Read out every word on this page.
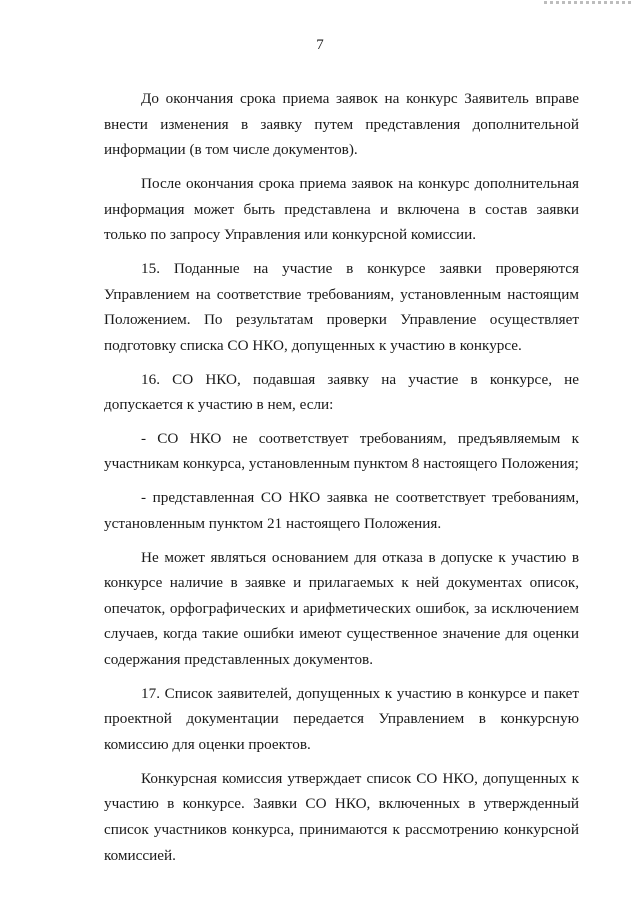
7

До окончания срока приема заявок на конкурс Заявитель вправе внести изменения в заявку путем представления дополнительной информации (в том числе документов).

После окончания срока приема заявок на конкурс дополнительная информация может быть представлена и включена в состав заявки только по запросу Управления или конкурсной комиссии.

15. Поданные на участие в конкурсе заявки проверяются Управлением на соответствие требованиям, установленным настоящим Положением. По результатам проверки Управление осуществляет подготовку списка СО НКО, допущенных к участию в конкурсе.

16. СО НКО, подавшая заявку на участие в конкурсе, не допускается к участию в нем, если:

- СО НКО не соответствует требованиям, предъявляемым к участникам конкурса, установленным пунктом 8 настоящего Положения;

- представленная СО НКО заявка не соответствует требованиям, установленным пунктом 21 настоящего Положения.

Не может являться основанием для отказа в допуске к участию в конкурсе наличие в заявке и прилагаемых к ней документах описок, опечаток, орфографических и арифметических ошибок, за исключением случаев, когда такие ошибки имеют существенное значение для оценки содержания представленных документов.

17. Список заявителей, допущенных к участию в конкурсе и пакет проектной документации передается Управлением в конкурсную комиссию для оценки проектов.

Конкурсная комиссия утверждает список СО НКО, допущенных к участию в конкурсе. Заявки СО НКО, включенных в утвержденный список участников конкурса, принимаются к рассмотрению конкурсной комиссией.
